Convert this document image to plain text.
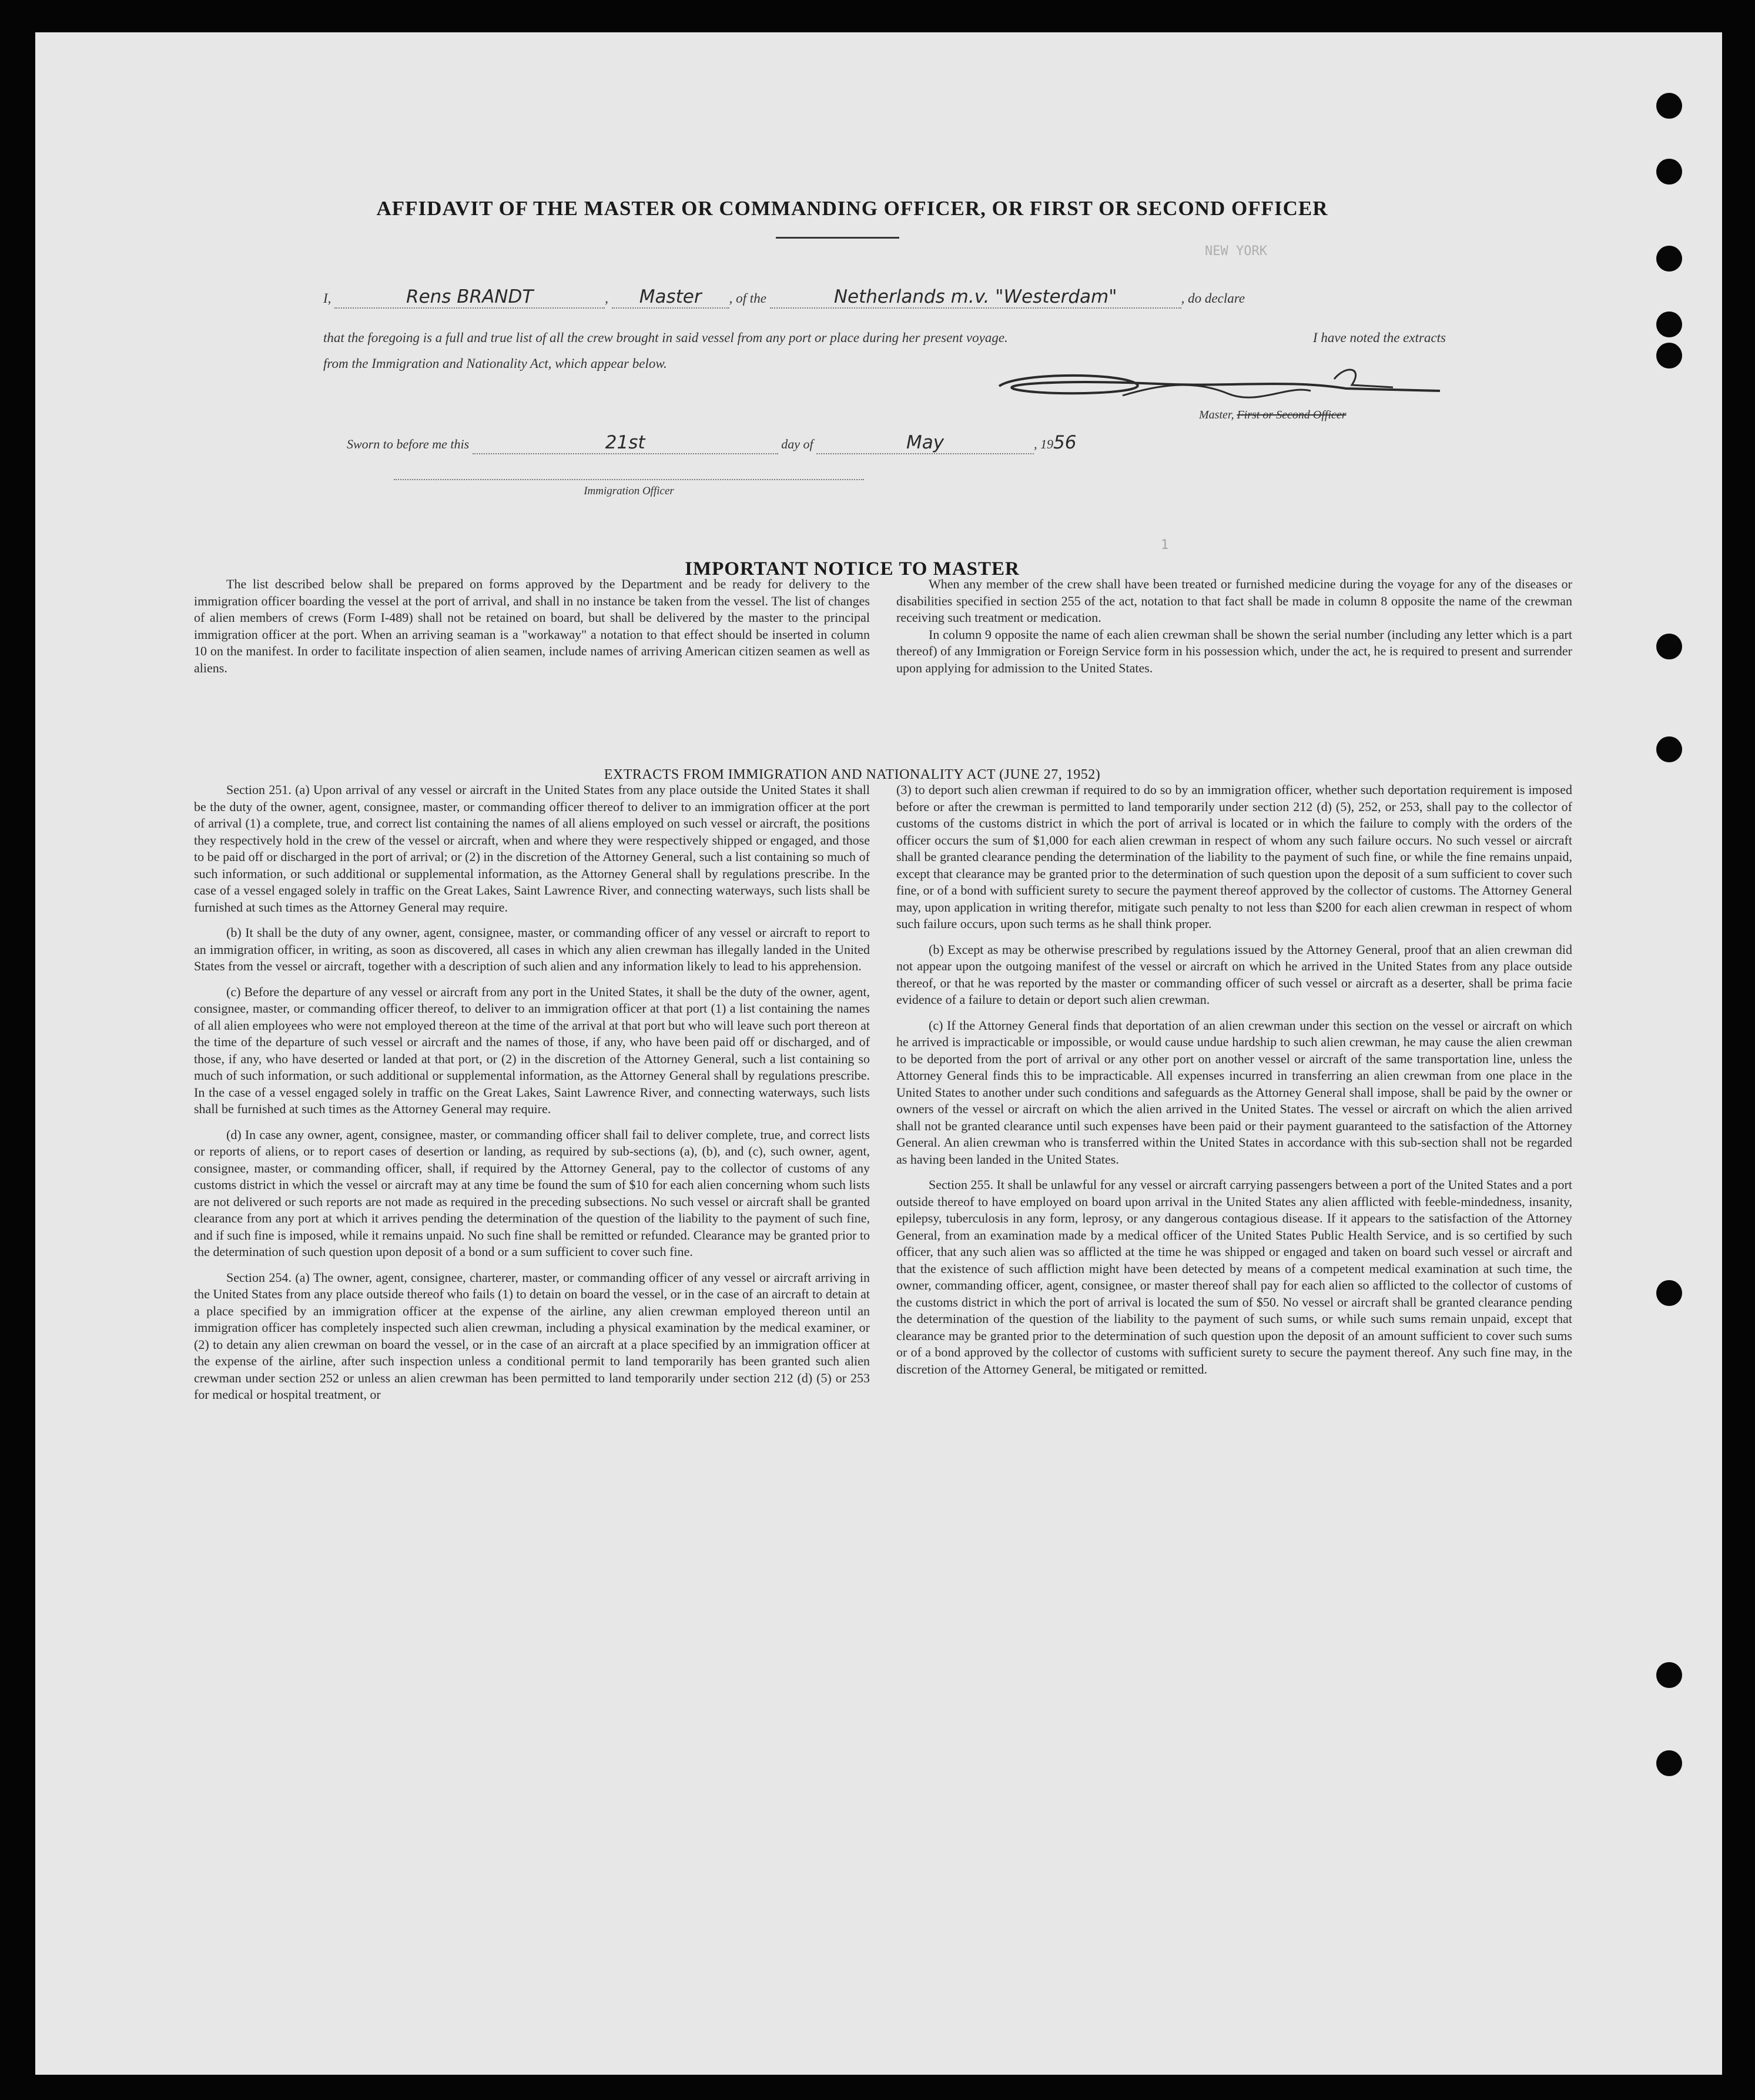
NEW YORK
1
AFFIDAVIT OF THE MASTER OR COMMANDING OFFICER, OR FIRST OR SECOND OFFICER
I,	Rens BRANDT	, Master , of the	Netherlands m.v. "Westerdam"	, do declare
that the foregoing is a full and true list of all the crew brought in said vessel from any port or place during her present voyage.	I have noted the extracts
from the Immigration and Nationality Act, which appear below.
Master, First or Second Officer
Sworn to before me this	21st	day of	May	, 1956
Immigration Officer
IMPORTANT NOTICE TO MASTER

The list described below shall be prepared on forms approved by the Department and be ready for delivery to the immigration officer boarding the vessel at the port of arrival, and shall in no instance be taken from the vessel. The list of changes of alien members of crews (Form I-489) shall not be retained on board, but shall be delivered by the master to the principal immigration officer at the port. When an arriving seaman is a "workaway" a notation to that effect should be inserted in column 10 on the manifest. In order to facilitate inspection of alien seamen, include names of arriving American citizen seamen as well as aliens.

When any member of the crew shall have been treated or furnished medicine during the voyage for any of the diseases or disabilities specified in section 255 of the act, notation to that fact shall be made in column 8 opposite the name of the crewman receiving such treatment or medication.

In column 9 opposite the name of each alien crewman shall be shown the serial number (including any letter which is a part thereof) of any Immigration or Foreign Service form in his possession which, under the act, he is required to present and surrender upon applying for admission to the United States.

EXTRACTS FROM IMMIGRATION AND NATIONALITY ACT (JUNE 27, 1952)

Section 251. (a) Upon arrival of any vessel or aircraft in the United States from any place outside the United States it shall be the duty of the owner, agent, consignee, master, or commanding officer thereof to deliver to an immigration officer at the port of arrival (1) a complete, true, and correct list containing the names of all aliens employed on such vessel or aircraft, the positions they respectively hold in the crew of the vessel or aircraft, when and where they were respectively shipped or engaged, and those to be paid off or discharged in the port of arrival; or (2) in the discretion of the Attorney General, such a list containing so much of such information, or such additional or supplemental information, as the Attorney General shall by regulations prescribe. In the case of a vessel engaged solely in traffic on the Great Lakes, Saint Lawrence River, and connecting waterways, such lists shall be furnished at such times as the Attorney General may require.

(b) It shall be the duty of any owner, agent, consignee, master, or commanding officer of any vessel or aircraft to report to an immigration officer, in writing, as soon as discovered, all cases in which any alien crewman has illegally landed in the United States from the vessel or aircraft, together with a description of such alien and any information likely to lead to his apprehension.

(c) Before the departure of any vessel or aircraft from any port in the United States, it shall be the duty of the owner, agent, consignee, master, or commanding officer thereof, to deliver to an immigration officer at that port (1) a list containing the names of all alien employees who were not employed thereon at the time of the arrival at that port but who will leave such port thereon at the time of the departure of such vessel or aircraft and the names of those, if any, who have been paid off or discharged, and of those, if any, who have deserted or landed at that port, or (2) in the discretion of the Attorney General, such a list containing so much of such information, or such additional or supplemental information, as the Attorney General shall by regulations prescribe. In the case of a vessel engaged solely in traffic on the Great Lakes, Saint Lawrence River, and connecting waterways, such lists shall be furnished at such times as the Attorney General may require.

(d) In case any owner, agent, consignee, master, or commanding officer shall fail to deliver complete, true, and correct lists or reports of aliens, or to report cases of desertion or landing, as required by sub-sections (a), (b), and (c), such owner, agent, consignee, master, or commanding officer, shall, if required by the Attorney General, pay to the collector of customs of any customs district in which the vessel or aircraft may at any time be found the sum of $10 for each alien concerning whom such lists are not delivered or such reports are not made as required in the preceding subsections. No such vessel or aircraft shall be granted clearance from any port at which it arrives pending the determination of the question of the liability to the payment of such fine, and if such fine is imposed, while it remains unpaid. No such fine shall be remitted or refunded. Clearance may be granted prior to the determination of such question upon deposit of a bond or a sum sufficient to cover such fine.

Section 254. (a) The owner, agent, consignee, charterer, master, or commanding officer of any vessel or aircraft arriving in the United States from any place outside thereof who fails (1) to detain on board the vessel, or in the case of an aircraft to detain at a place specified by an immigration officer at the expense of the airline, any alien crewman employed thereon until an immigration officer has completely inspected such alien crewman, including a physical examination by the medical examiner, or (2) to detain any alien crewman on board the vessel, or in the case of an aircraft at a place specified by an immigration officer at the expense of the airline, after such inspection unless a conditional permit to land temporarily has been granted such alien crewman under section 252 or unless an alien crewman has been permitted to land temporarily under section 212 (d) (5) or 253 for medical or hospital treatment, or

(3) to deport such alien crewman if required to do so by an immigration officer, whether such deportation requirement is imposed before or after the crewman is permitted to land temporarily under section 212 (d) (5), 252, or 253, shall pay to the collector of customs of the customs district in which the port of arrival is located or in which the failure to comply with the orders of the officer occurs the sum of $1,000 for each alien crewman in respect of whom any such failure occurs. No such vessel or aircraft shall be granted clearance pending the determination of the liability to the payment of such fine, or while the fine remains unpaid, except that clearance may be granted prior to the determination of such question upon the deposit of a sum sufficient to cover such fine, or of a bond with sufficient surety to secure the payment thereof approved by the collector of customs. The Attorney General may, upon application in writing therefor, mitigate such penalty to not less than $200 for each alien crewman in respect of whom such failure occurs, upon such terms as he shall think proper.

(b) Except as may be otherwise prescribed by regulations issued by the Attorney General, proof that an alien crewman did not appear upon the outgoing manifest of the vessel or aircraft on which he arrived in the United States from any place outside thereof, or that he was reported by the master or commanding officer of such vessel or aircraft as a deserter, shall be prima facie evidence of a failure to detain or deport such alien crewman.

(c) If the Attorney General finds that deportation of an alien crewman under this section on the vessel or aircraft on which he arrived is impracticable or impossible, or would cause undue hardship to such alien crewman, he may cause the alien crewman to be deported from the port of arrival or any other port on another vessel or aircraft of the same transportation line, unless the Attorney General finds this to be impracticable. All expenses incurred in transferring an alien crewman from one place in the United States to another under such conditions and safeguards as the Attorney General shall impose, shall be paid by the owner or owners of the vessel or aircraft on which the alien arrived in the United States. The vessel or aircraft on which the alien arrived shall not be granted clearance until such expenses have been paid or their payment guaranteed to the satisfaction of the Attorney General. An alien crewman who is transferred within the United States in accordance with this sub-section shall not be regarded as having been landed in the United States.

Section 255. It shall be unlawful for any vessel or aircraft carrying passengers between a port of the United States and a port outside thereof to have employed on board upon arrival in the United States any alien afflicted with feeble-mindedness, insanity, epilepsy, tuberculosis in any form, leprosy, or any dangerous contagious disease. If it appears to the satisfaction of the Attorney General, from an examination made by a medical officer of the United States Public Health Service, and is so certified by such officer, that any such alien was so afflicted at the time he was shipped or engaged and taken on board such vessel or aircraft and that the existence of such affliction might have been detected by means of a competent medical examination at such time, the owner, commanding officer, agent, consignee, or master thereof shall pay for each alien so afflicted to the collector of customs of the customs district in which the port of arrival is located the sum of $50. No vessel or aircraft shall be granted clearance pending the determination of the question of the liability to the payment of such sums, or while such sums remain unpaid, except that clearance may be granted prior to the determination of such question upon the deposit of an amount sufficient to cover such sums or of a bond approved by the collector of customs with sufficient surety to secure the payment thereof. Any such fine may, in the discretion of the Attorney General, be mitigated or remitted.
